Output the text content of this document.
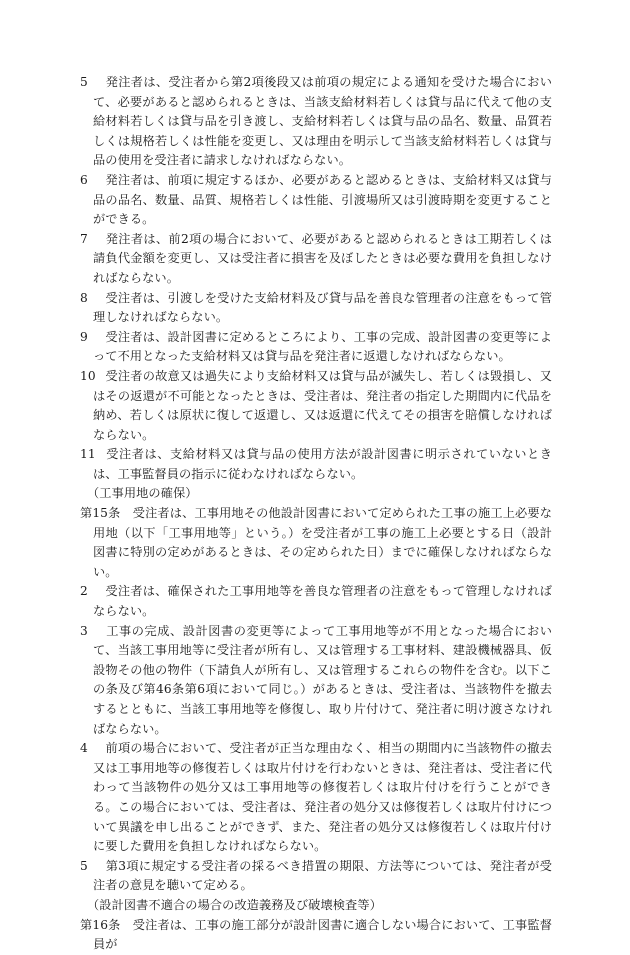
5　発注者は、受注者から第2項後段又は前項の規定による通知を受けた場合において、必要があると認められるときは、当該支給材料若しくは貸与品に代えて他の支給材料若しくは貸与品を引き渡し、支給材料若しくは貸与品の品名、数量、品質若しくは規格若しくは性能を変更し、又は理由を明示して当該支給材料若しくは貸与品の使用を受注者に請求しなければならない。

6　発注者は、前項に規定するほか、必要があると認めるときは、支給材料又は貸与品の品名、数量、品質、規格若しくは性能、引渡場所又は引渡時期を変更することができる。

7　発注者は、前2項の場合において、必要があると認められるときは工期若しくは請負代金額を変更し、又は受注者に損害を及ぼしたときは必要な費用を負担しなければならない。

8　受注者は、引渡しを受けた支給材料及び貸与品を善良な管理者の注意をもって管理しなければならない。

9　受注者は、設計図書に定めるところにより、工事の完成、設計図書の変更等によって不用となった支給材料又は貸与品を発注者に返還しなければならない。

10　受注者の故意又は過失により支給材料又は貸与品が滅失し、若しくは毀損し、又はその返還が不可能となったときは、受注者は、発注者の指定した期間内に代品を納め、若しくは原状に復して返還し、又は返還に代えてその損害を賠償しなければならない。

11　受注者は、支給材料又は貸与品の使用方法が設計図書に明示されていないときは、工事監督員の指示に従わなければならない。

（工事用地の確保）

第15条　受注者は、工事用地その他設計図書において定められた工事の施工上必要な用地（以下「工事用地等」という。）を受注者が工事の施工上必要とする日（設計図書に特別の定めがあるときは、その定められた日）までに確保しなければならない。

2　受注者は、確保された工事用地等を善良な管理者の注意をもって管理しなければならない。

3　工事の完成、設計図書の変更等によって工事用地等が不用となった場合において、当該工事用地等に受注者が所有し、又は管理する工事材料、建設機械器具、仮設物その他の物件（下請負人が所有し、又は管理するこれらの物件を含む。以下この条及び第46条第6項において同じ。）があるときは、受注者は、当該物件を撤去するとともに、当該工事用地等を修復し、取り片付けて、発注者に明け渡さなければならない。

4　前項の場合において、受注者が正当な理由なく、相当の期間内に当該物件の撤去又は工事用地等の修復若しくは取片付けを行わないときは、発注者は、受注者に代わって当該物件の処分又は工事用地等の修復若しくは取片付けを行うことができる。この場合においては、受注者は、発注者の処分又は修復若しくは取片付けについて異議を申し出ることができず、また、発注者の処分又は修復若しくは取片付けに要した費用を負担しなければならない。

5　第3項に規定する受注者の採るべき措置の期限、方法等については、発注者が受注者の意見を聴いて定める。

（設計図書不適合の場合の改造義務及び破壊検査等）

第16条　受注者は、工事の施工部分が設計図書に適合しない場合において、工事監督員が
